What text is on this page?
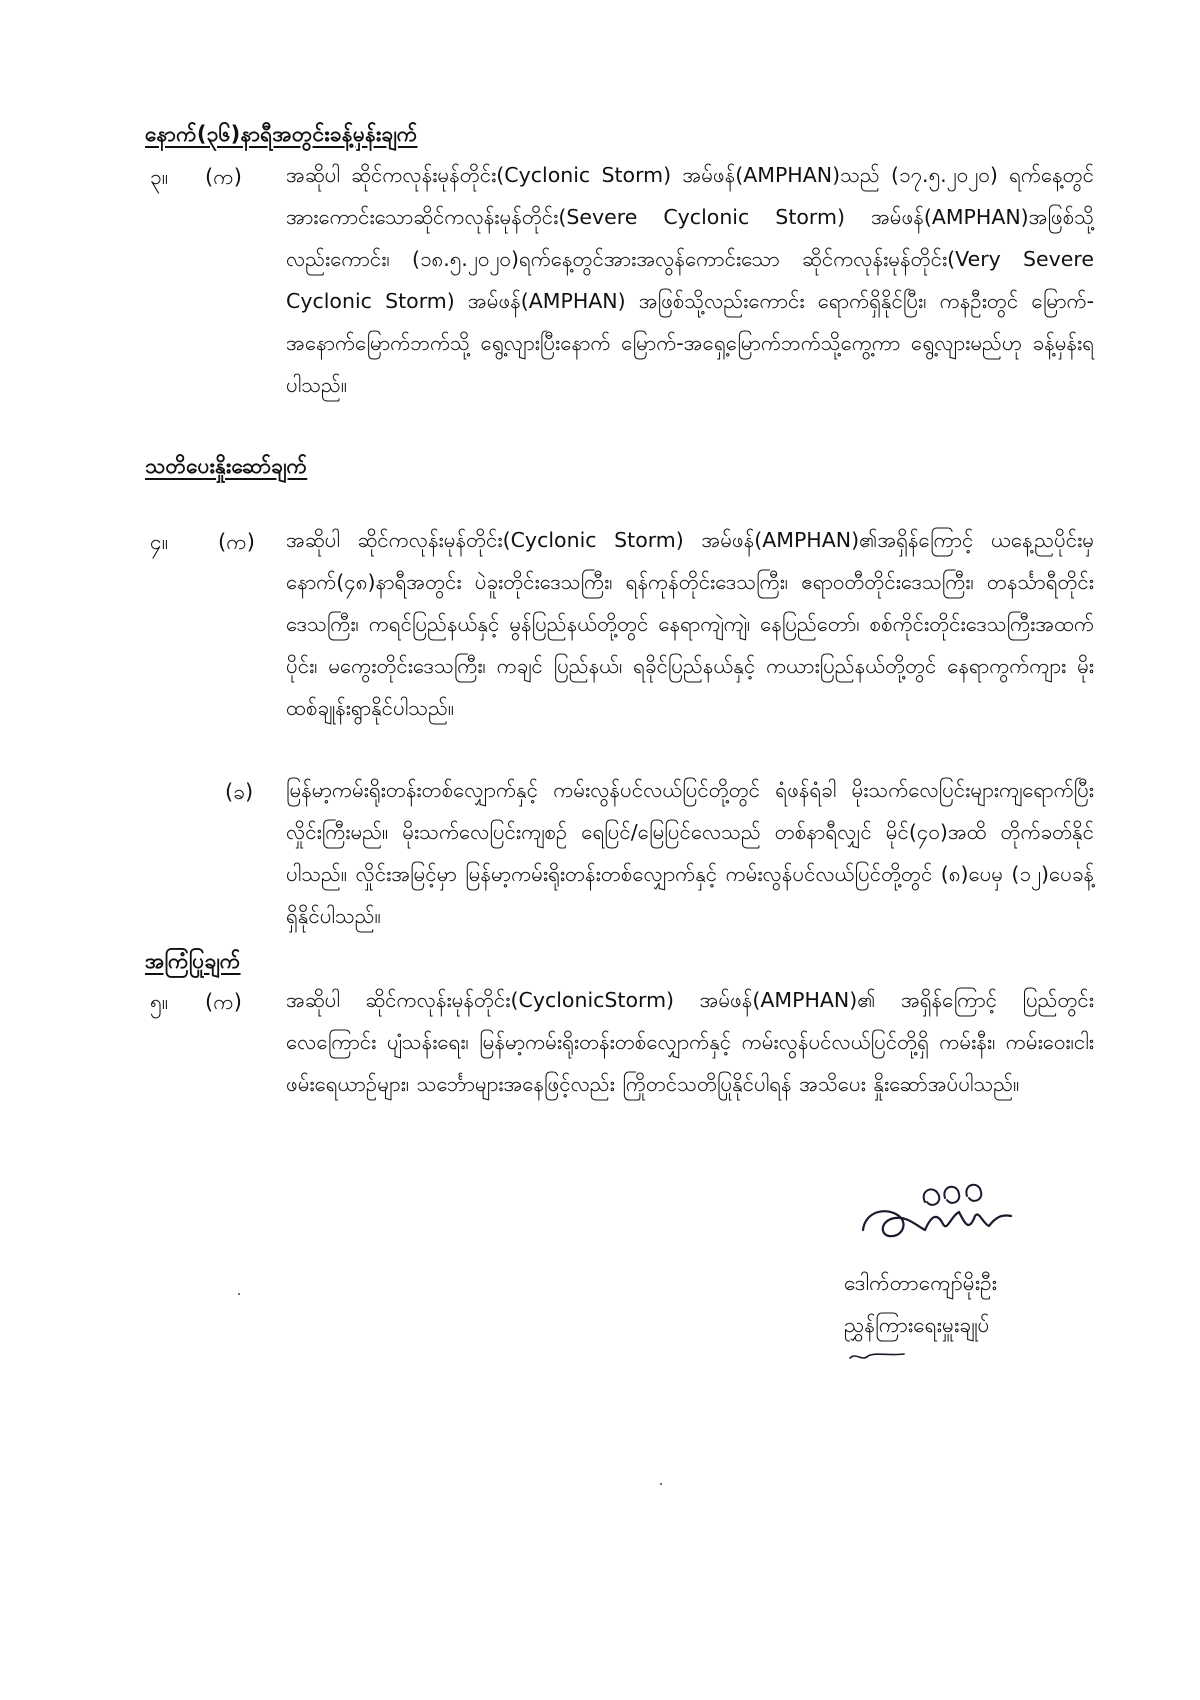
နောက်(၃၆)နာရီအတွင်းခန့်မှန်းချက်
၃။ (က) အဆိုပါ ဆိုင်ကလုန်းမုန်တိုင်း(Cyclonic Storm) အမ်ဖန်(AMPHAN)သည် (၁၇.၅.၂၀၂၀) ရက်နေ့တွင် အားကောင်းသောဆိုင်ကလုန်းမုန်တိုင်း(Severe Cyclonic Storm) အမ်ဖန်(AMPHAN)အဖြစ်သို့လည်းကောင်း၊ (၁၈.၅.၂၀၂၀)ရက်နေ့တွင်အားအလွန်ကောင်းသော ဆိုင်ကလုန်းမုန်တိုင်း(Very Severe Cyclonic Storm) အမ်ဖန်(AMPHAN) အဖြစ်သို့လည်းကောင်း ရောက်ရှိနိုင်ပြီး၊ ကနဦးတွင် မြောက်-အနောက်မြောက်ဘက်သို့ ရွေ့လျားပြီးနောက် မြောက်-အရှေ့မြောက်ဘက်သို့ကွေ့ကာ ရွေ့လျားမည်ဟု ခန့်မှန်းရပါသည်။
သတိပေးနှိုးဆော်ချက်
၄။ (က) အဆိုပါ ဆိုင်ကလုန်းမုန်တိုင်း(Cyclonic Storm) အမ်ဖန်(AMPHAN)၏အရှိန်ကြောင့် ယနေ့ညပိုင်းမှ နောက်(၄၈)နာရီအတွင်း ပဲခူးတိုင်းဒေသကြီး၊ ရန်ကုန်တိုင်းဒေသကြီး၊ ဧရာဝတီတိုင်းဒေသကြီး၊ တနင်္သာရီတိုင်းဒေသကြီး၊ ကရင်ပြည်နယ်နှင့် မွန်ပြည်နယ်တို့တွင် နေရာကျဲကျဲ၊ နေပြည်တော်၊ စစ်ကိုင်းတိုင်းဒေသကြီးအထက်ပိုင်း၊ မကွေးတိုင်းဒေသကြီး၊ ကချင် ပြည်နယ်၊ ရခိုင်ပြည်နယ်နှင့် ကယားပြည်နယ်တို့တွင် နေရာကွက်ကျား မိုးထစ်ချုန်းရွာနိုင်ပါသည်။
(ခ) မြန်မာ့ကမ်းရိုးတန်းတစ်လျှောက်နှင့် ကမ်းလွန်ပင်လယ်ပြင်တို့တွင် ရံဖန်ရံခါ မိုးသက်လေပြင်းများကျရောက်ပြီး လှိုင်းကြီးမည်။ မိုးသက်လေပြင်းကျစဉ် ရေပြင်/မြေပြင်လေသည် တစ်နာရီလျှင် မိုင်(၄၀)အထိ တိုက်ခတ်နိုင်ပါသည်။ လှိုင်းအမြင့်မှာ မြန်မာ့ကမ်းရိုးတန်းတစ်လျှောက်နှင့် ကမ်းလွန်ပင်လယ်ပြင်တို့တွင် (၈)ပေမှ (၁၂)ပေခန့် ရှိနိုင်ပါသည်။
အကြံပြုချက်
၅။ (က) အဆိုပါ ဆိုင်ကလုန်းမုန်တိုင်း(CyclonicStorm) အမ်ဖန်(AMPHAN)၏ အရှိန်ကြောင့် ပြည်တွင်းလေကြောင်း ပျံသန်းရေး၊ မြန်မာ့ကမ်းရိုးတန်းတစ်လျှောက်နှင့် ကမ်းလွန်ပင်လယ်ပြင်တို့ရှိ ကမ်းနီး၊ ကမ်းဝေး၊ငါးဖမ်းရေယာဉ်များ၊ သင်္ဘောများအနေဖြင့်လည်း ကြိုတင်သတိပြုနိုင်ပါရန် အသိပေး နှိုးဆော်အပ်ပါသည်။
ဒေါက်တာကျော်မိုးဦး
ညွှန်ကြားရေးမှူးချုပ်
